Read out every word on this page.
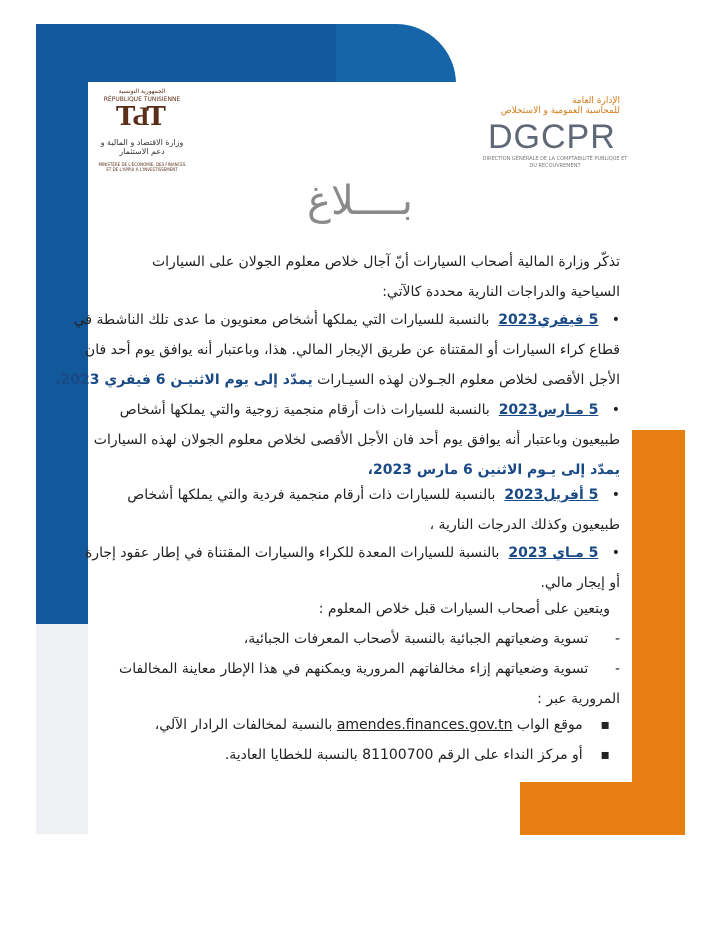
الجمهورية التونسية
RÉPUBLIQUE TUNISIENNE
TԀT
وزارة الاقتصاد و المالية و دعم الاستثمار
MINISTÈRE DE L'ÉCONOMIE, DES FINANCES ET DE L'APPUI À L'INVESTISSEMENT
الإدارة العامة
للمحاسبة العمومية و الاستخلاص
DGCPR
DIRECTION GÉNÉRALE DE LA COMPTABILITÉ PUBLIQUE ET DU RECOUVREMENT
بــــلاغ
تذكّر وزارة المالية أصحاب السيارات أنّ آجال خلاص معلوم الجولان على السيارات
السياحية والدراجات النارية محددة كالآتي:
•    5 فيفري2023  بالنسبة للسيارات التي يملكها أشخاص معنويون ما عدى تلك الناشطة في
قطاع كراء السيارات أو المقتناة عن طريق الإيجار المالي. هذا، وباعتبار أنه يوافق يوم أحد فان
الأجل الأقصى لخلاص معلوم الجـولان لهذه السيـارات يمدّد إلى يوم الاثنيـن 6 فيفري 2023،
•    5 مـارس2023  بالنسبة للسيارات ذات أرقام منجمية زوجية والتي يملكها أشخاص
طبيعيون وباعتبار أنه يوافق يوم أحد فان الأجل الأقصى لخلاص معلوم الجولان لهذه السيارات
يمدّد إلى يـوم الاثنين 6 مارس 2023،
•    5 أفريل2023  بالنسبة للسيارات ذات أرقام منجمية فردية والتي يملكها أشخاص
طبيعيون وكذلك الدرجات النارية ،
•    5 مـاي 2023  بالنسبة للسيارات المعدة للكراء والسيارات المقتناة في إطار عقود إجارة
أو إيجار مالي.
ويتعين على أصحاب السيارات قبل خلاص المعلوم :
-       تسوية وضعياتهم الجبائية بالنسبة لأصحاب المعرفات الجبائية،
-       تسوية وضعياتهم إزاء مخالفاتهم المرورية ويمكنهم في هذا الإطار معاينة المخالفات
المرورية عبر :
▪     موقع الواب amendes.finances.gov.tn بالنسبة لمخالفات الرادار الآلي،
▪     أو مركز النداء على الرقم 81100700 بالنسبة للخطايا العادية.
